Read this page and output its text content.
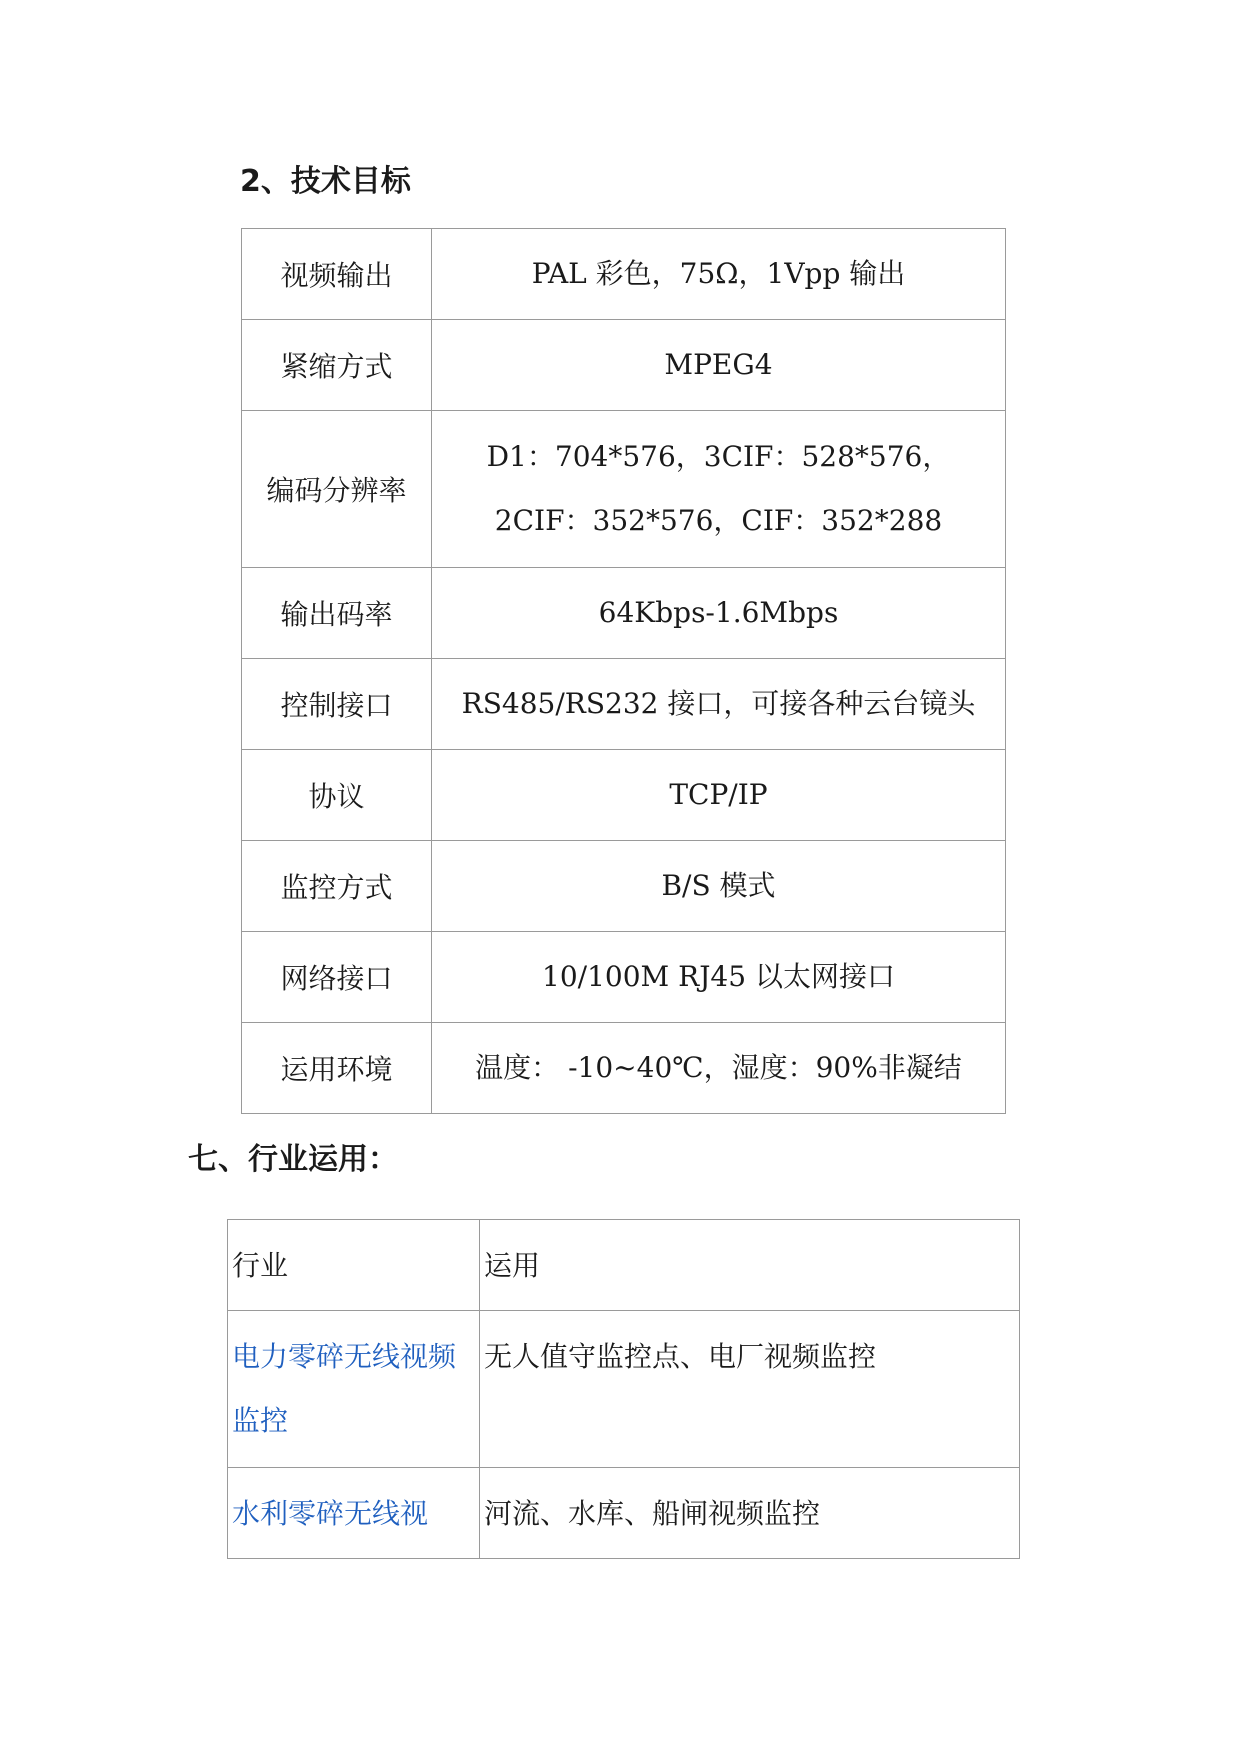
2、技术目标
视频输出	PAL 彩色，75Ω，1Vpp 输出
紧缩方式	MPEG4
编码分辨率	D1：704*576，3CIF：528*576，2CIF：352*576，CIF：352*288
输出码率	64Kbps-1.6Mbps
控制接口	RS485/RS232 接口，可接各种云台镜头
协议	TCP/IP
监控方式	B/S 模式
网络接口	10/100M RJ45 以太网接口
运用环境	温度： -10~40℃，湿度：90%非凝结
七、行业运用：
行业	运用
电力零碎无线视频监控	无人值守监控点、电厂视频监控
水利零碎无线视	河流、水库、船闸视频监控
